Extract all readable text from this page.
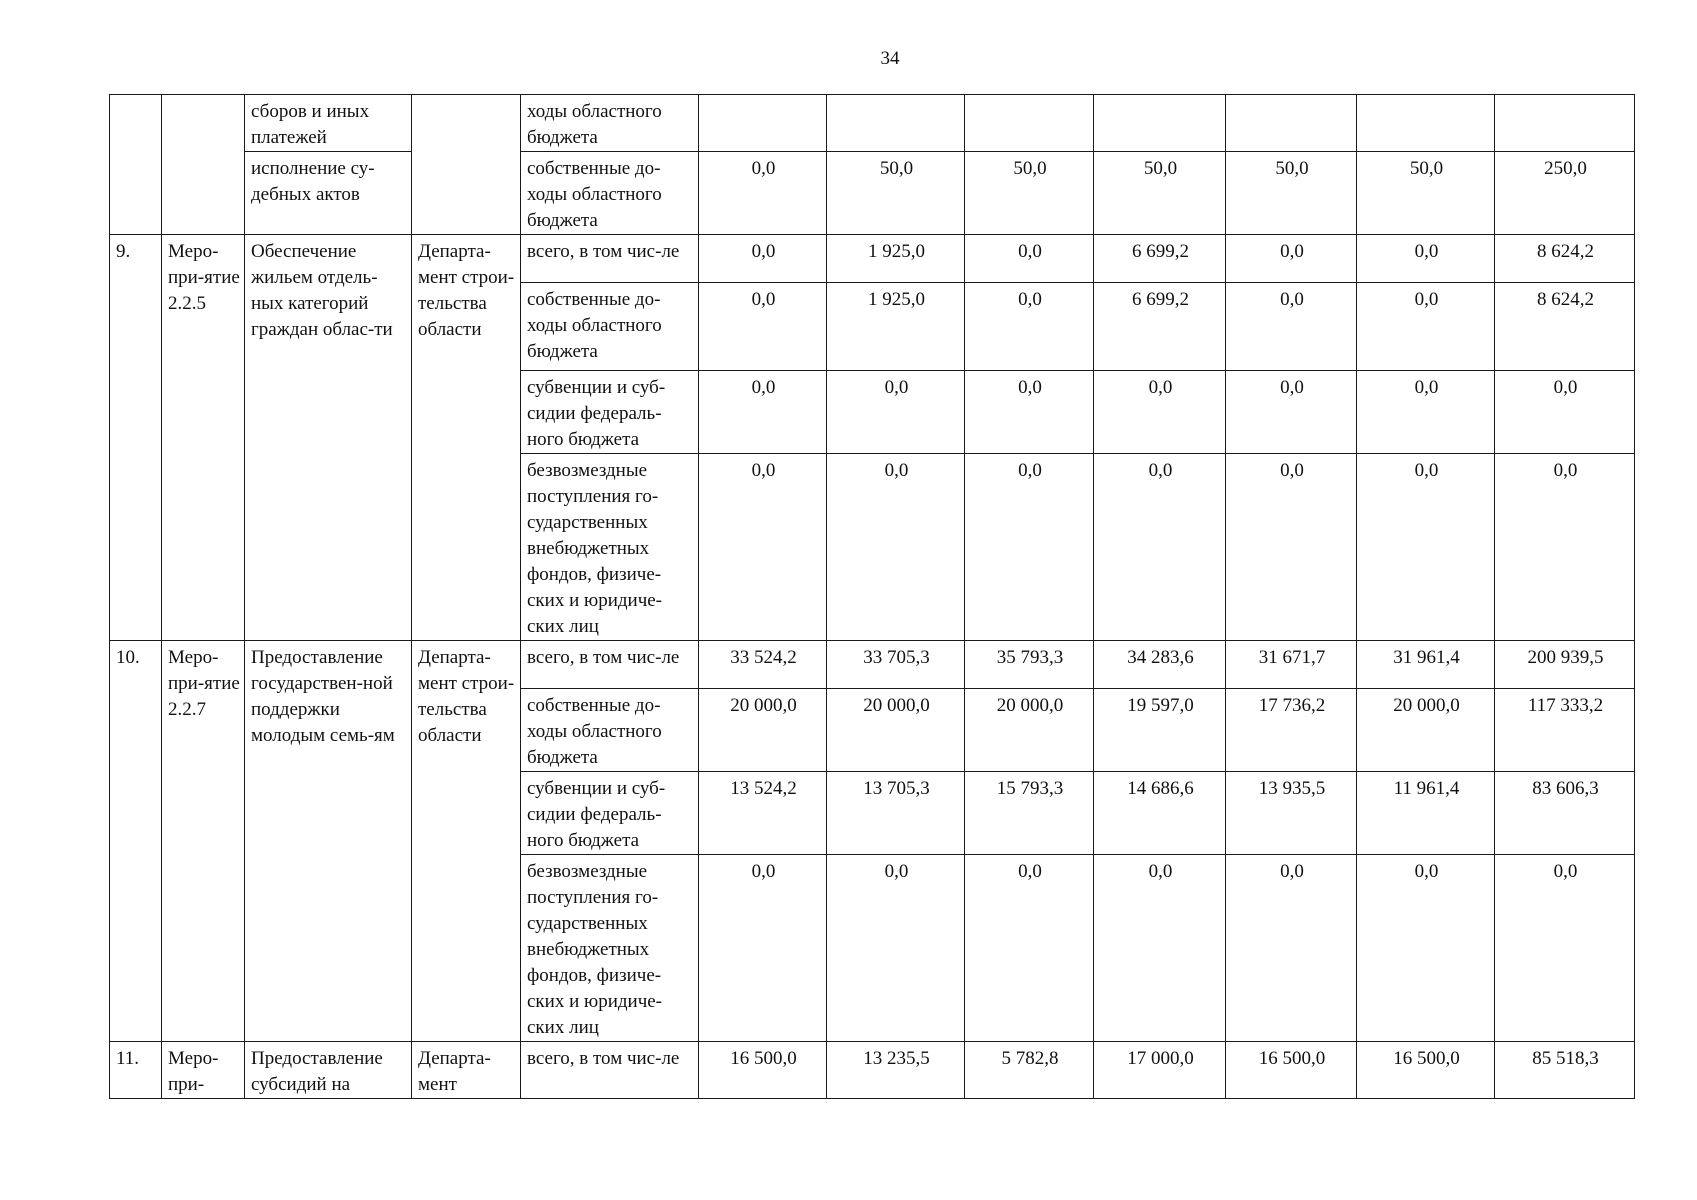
34
		сборов и иных платежей		ходы областного бюджета							
		исполнение су-дебных актов		собственные до-ходы областного бюджета	0,0	50,0	50,0	50,0	50,0	50,0	250,0
9.	Меро-при-ятие 2.2.5	Обеспечение жильем отдель-ных категорий граждан облас-ти	Департа-мент строи-тельства области	всего, в том чис-ле	0,0	1 925,0	0,0	6 699,2	0,0	0,0	8 624,2
				собственные до-ходы областного бюджета	0,0	1 925,0	0,0	6 699,2	0,0	0,0	8 624,2
				субвенции и суб-сидии федераль-ного бюджета	0,0	0,0	0,0	0,0	0,0	0,0	0,0
				безвозмездные поступления го-сударственных внебюджетных фондов, физиче-ских и юридиче-ских лиц	0,0	0,0	0,0	0,0	0,0	0,0	0,0
10.	Меро-при-ятие 2.2.7	Предоставление государствен-ной поддержки молодым семь-ям	Департа-мент строи-тельства области	всего, в том чис-ле	33 524,2	33 705,3	35 793,3	34 283,6	31 671,7	31 961,4	200 939,5
				собственные до-ходы областного бюджета	20 000,0	20 000,0	20 000,0	19 597,0	17 736,2	20 000,0	117 333,2
				субвенции и суб-сидии федераль-ного бюджета	13 524,2	13 705,3	15 793,3	14 686,6	13 935,5	11 961,4	83 606,3
				безвозмездные поступления го-сударственных внебюджетных фондов, физиче-ских и юридиче-ских лиц	0,0	0,0	0,0	0,0	0,0	0,0	0,0
11.	Меро-при-	Предоставление субсидий на	Департа-мент	всего, в том чис-ле	16 500,0	13 235,5	5 782,8	17 000,0	16 500,0	16 500,0	85 518,3
